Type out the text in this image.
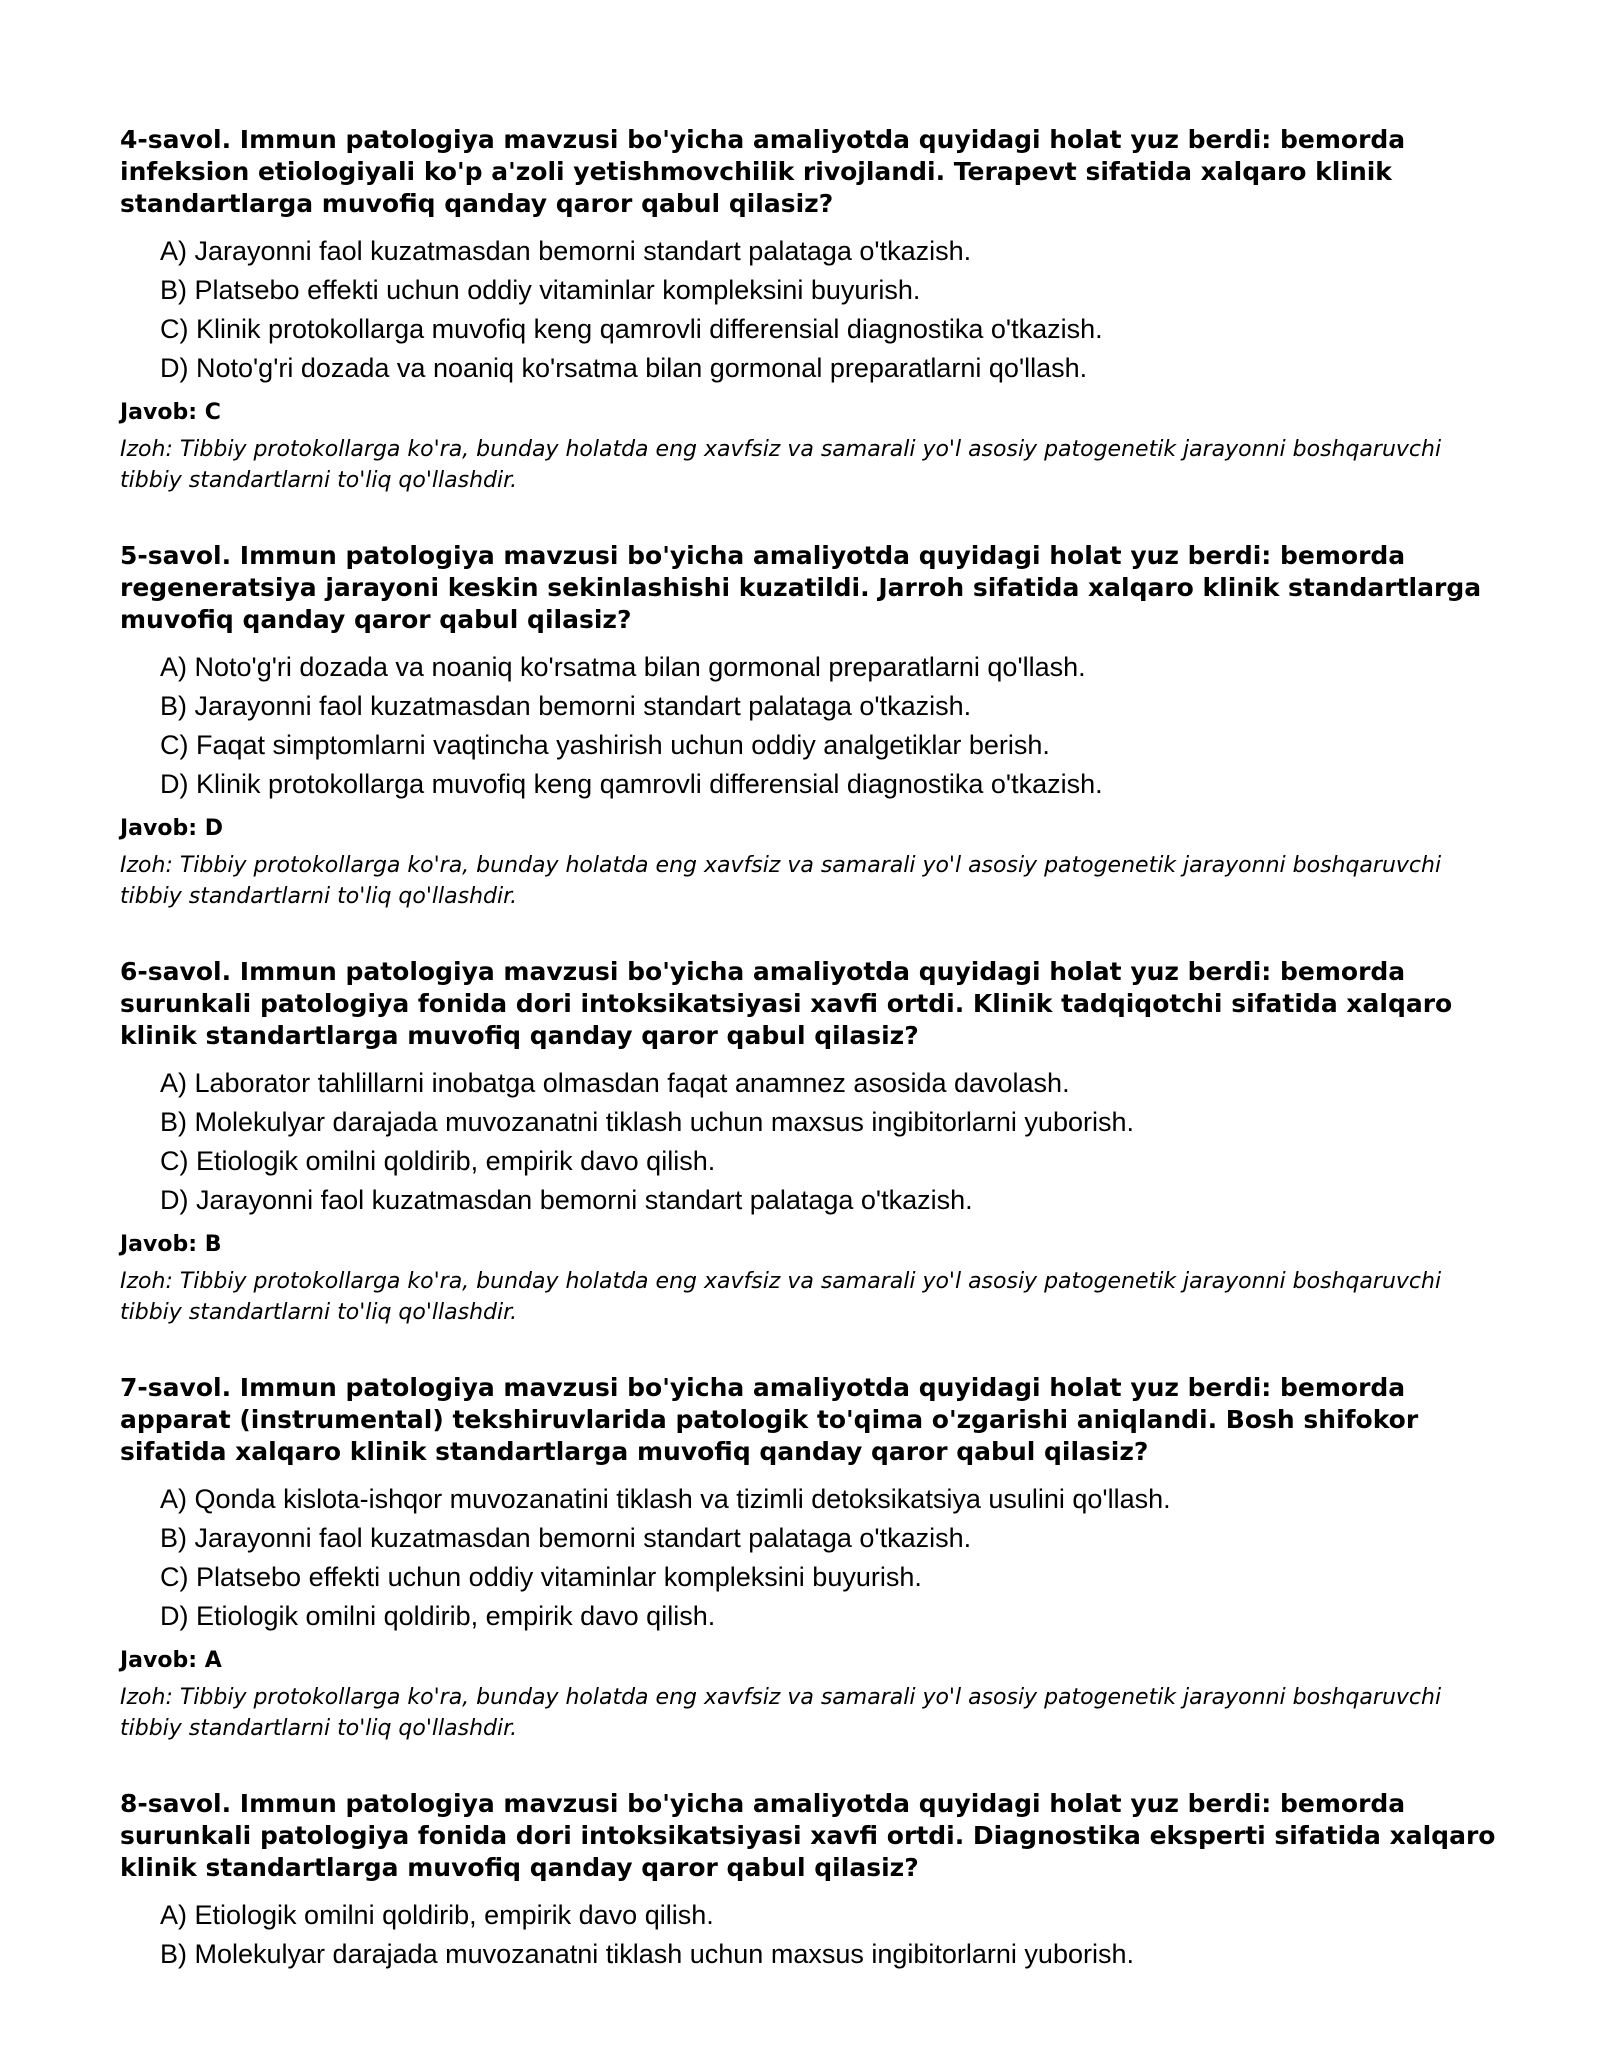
4-savol. Immun patologiya mavzusi bo'yicha amaliyotda quyidagi holat yuz berdi: bemorda infeksion etiologiyali ko'p a'zoli yetishmovchilik rivojlandi. Terapevt sifatida xalqaro klinik standartlarga muvofiq qanday qaror qabul qilasiz?

A) Jarayonni faol kuzatmasdan bemorni standart palataga o'tkazish.
B) Platsebo effekti uchun oddiy vitaminlar kompleksini buyurish.
C) Klinik protokollarga muvofiq keng qamrovli differensial diagnostika o'tkazish.
D) Noto'g'ri dozada va noaniq ko'rsatma bilan gormonal preparatlarni qo'llash.
Javob: C
Izoh: Tibbiy protokollarga ko'ra, bunday holatda eng xavfsiz va samarali yo'l asosiy patogenetik jarayonni boshqaruvchi tibbiy standartlarni to'liq qo'llashdir.

5-savol. Immun patologiya mavzusi bo'yicha amaliyotda quyidagi holat yuz berdi: bemorda regeneratsiya jarayoni keskin sekinlashishi kuzatildi. Jarroh sifatida xalqaro klinik standartlarga muvofiq qanday qaror qabul qilasiz?

A) Noto'g'ri dozada va noaniq ko'rsatma bilan gormonal preparatlarni qo'llash.
B) Jarayonni faol kuzatmasdan bemorni standart palataga o'tkazish.
C) Faqat simptomlarni vaqtincha yashirish uchun oddiy analgetiklar berish.
D) Klinik protokollarga muvofiq keng qamrovli differensial diagnostika o'tkazish.
Javob: D
Izoh: Tibbiy protokollarga ko'ra, bunday holatda eng xavfsiz va samarali yo'l asosiy patogenetik jarayonni boshqaruvchi tibbiy standartlarni to'liq qo'llashdir.

6-savol. Immun patologiya mavzusi bo'yicha amaliyotda quyidagi holat yuz berdi: bemorda surunkali patologiya fonida dori intoksikatsiyasi xavfi ortdi. Klinik tadqiqotchi sifatida xalqaro klinik standartlarga muvofiq qanday qaror qabul qilasiz?

A) Laborator tahlillarni inobatga olmasdan faqat anamnez asosida davolash.
B) Molekulyar darajada muvozanatni tiklash uchun maxsus ingibitorlarni yuborish.
C) Etiologik omilni qoldirib, empirik davo qilish.
D) Jarayonni faol kuzatmasdan bemorni standart palataga o'tkazish.
Javob: B
Izoh: Tibbiy protokollarga ko'ra, bunday holatda eng xavfsiz va samarali yo'l asosiy patogenetik jarayonni boshqaruvchi tibbiy standartlarni to'liq qo'llashdir.

7-savol. Immun patologiya mavzusi bo'yicha amaliyotda quyidagi holat yuz berdi: bemorda apparat (instrumental) tekshiruvlarida patologik to'qima o'zgarishi aniqlandi. Bosh shifokor sifatida xalqaro klinik standartlarga muvofiq qanday qaror qabul qilasiz?

A) Qonda kislota-ishqor muvozanatini tiklash va tizimli detoksikatsiya usulini qo'llash.
B) Jarayonni faol kuzatmasdan bemorni standart palataga o'tkazish.
C) Platsebo effekti uchun oddiy vitaminlar kompleksini buyurish.
D) Etiologik omilni qoldirib, empirik davo qilish.
Javob: A
Izoh: Tibbiy protokollarga ko'ra, bunday holatda eng xavfsiz va samarali yo'l asosiy patogenetik jarayonni boshqaruvchi tibbiy standartlarni to'liq qo'llashdir.

8-savol. Immun patologiya mavzusi bo'yicha amaliyotda quyidagi holat yuz berdi: bemorda surunkali patologiya fonida dori intoksikatsiyasi xavfi ortdi. Diagnostika eksperti sifatida xalqaro klinik standartlarga muvofiq qanday qaror qabul qilasiz?

A) Etiologik omilni qoldirib, empirik davo qilish.
B) Molekulyar darajada muvozanatni tiklash uchun maxsus ingibitorlarni yuborish.
